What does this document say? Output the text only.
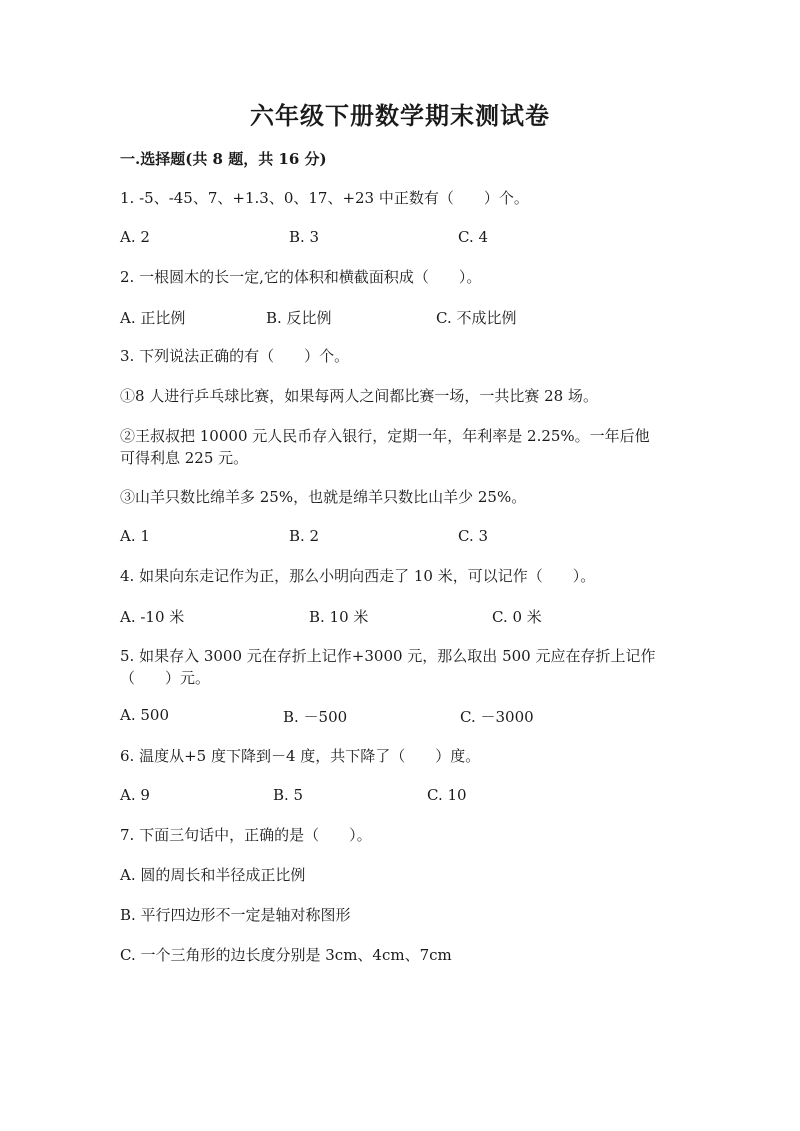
六年级下册数学期末测试卷
一.选择题(共 8 题，共 16 分)
1. -5、-45、7、+1.3、0、17、+23 中正数有（　　）个。
A. 2	B. 3	C. 4
2. 一根圆木的长一定,它的体积和横截面积成（　　）。
A. 正比例	B. 反比例	C. 不成比例
3. 下列说法正确的有（　　）个。
①8 人进行乒乓球比赛，如果每两人之间都比赛一场，一共比赛 28 场。
②王叔叔把 10000 元人民币存入银行，定期一年，年利率是 2.25%。一年后他
可得利息 225 元。
③山羊只数比绵羊多 25%，也就是绵羊只数比山羊少 25%。
A. 1	B. 2	C. 3
4. 如果向东走记作为正，那么小明向西走了 10 米，可以记作（　　）。
A. -10 米	B. 10 米	C. 0 米
5. 如果存入 3000 元在存折上记作+3000 元，那么取出 500 元应在存折上记作
（　　）元。
A. 500	B. －500	C. －3000
6. 温度从+5 度下降到－4 度，共下降了（　　）度。
A. 9	B. 5	C. 10
7. 下面三句话中，正确的是（　　）。
A. 圆的周长和半径成正比例
B. 平行四边形不一定是轴对称图形
C. 一个三角形的边长度分别是 3cm、4cm、7cm
